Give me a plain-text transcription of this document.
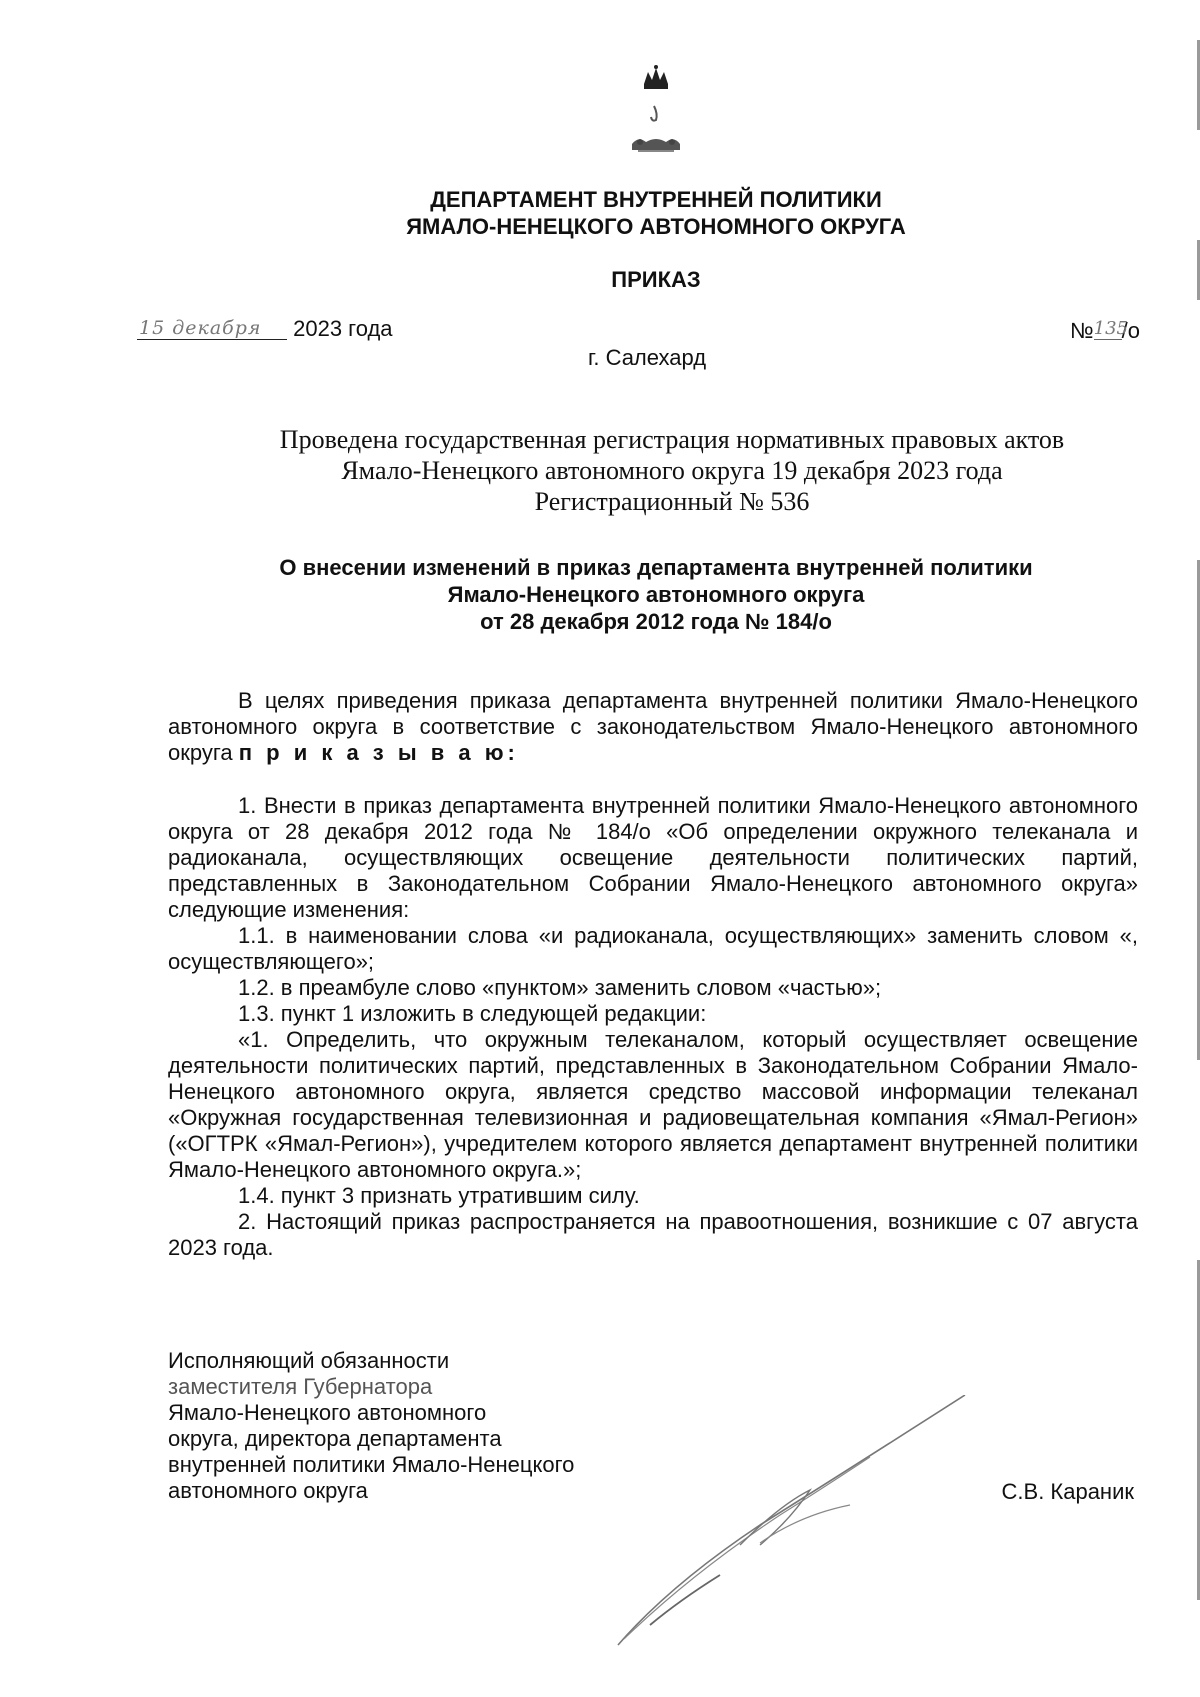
ДЕПАРТАМЕНТ ВНУТРЕННЕЙ ПОЛИТИКИ
ЯМАЛО-НЕНЕЦКОГО АВТОНОМНОГО ОКРУГА
ПРИКАЗ
15 декабря 2023 года	№135/о
г. Салехард
Проведена государственная регистрация нормативных правовых актов
Ямало-Ненецкого автономного округа 19 декабря 2023 года
Регистрационный № 536
О внесении изменений в приказ департамента внутренней политики
Ямало-Ненецкого автономного округа
от 28 декабря 2012 года № 184/о

В целях приведения приказа департамента внутренней политики Ямало-Ненецкого автономного округа в соответствие с законодательством Ямало-Ненецкого автономного округа п р и к а з ы в а ю:

1. Внести в приказ департамента внутренней политики Ямало-Ненецкого автономного округа от 28 декабря 2012 года № 184/о «Об определении окружного телеканала и радиоканала, осуществляющих освещение деятельности политических партий, представленных в Законодательном Собрании Ямало-Ненецкого автономного округа» следующие изменения:

1.1. в наименовании слова «и радиоканала, осуществляющих» заменить словом «, осуществляющего»;

1.2. в преамбуле слово «пунктом» заменить словом «частью»;

1.3. пункт 1 изложить в следующей редакции:

«1. Определить, что окружным телеканалом, который осуществляет освещение деятельности политических партий, представленных в Законодательном Собрании Ямало-Ненецкого автономного округа, является средство массовой информации телеканал «Окружная государственная телевизионная и радиовещательная компания «Ямал-Регион» («ОГТРК «Ямал-Регион»), учредителем которого является департамент внутренней политики Ямало-Ненецкого автономного округа.»;

1.4. пункт 3 признать утратившим силу.

2. Настоящий приказ распространяется на правоотношения, возникшие с 07 августа 2023 года.

Исполняющий обязанности
заместителя Губернатора
Ямало-Ненецкого автономного
округа, директора департамента
внутренней политики Ямало-Ненецкого
автономного округа	С.В. Караник
